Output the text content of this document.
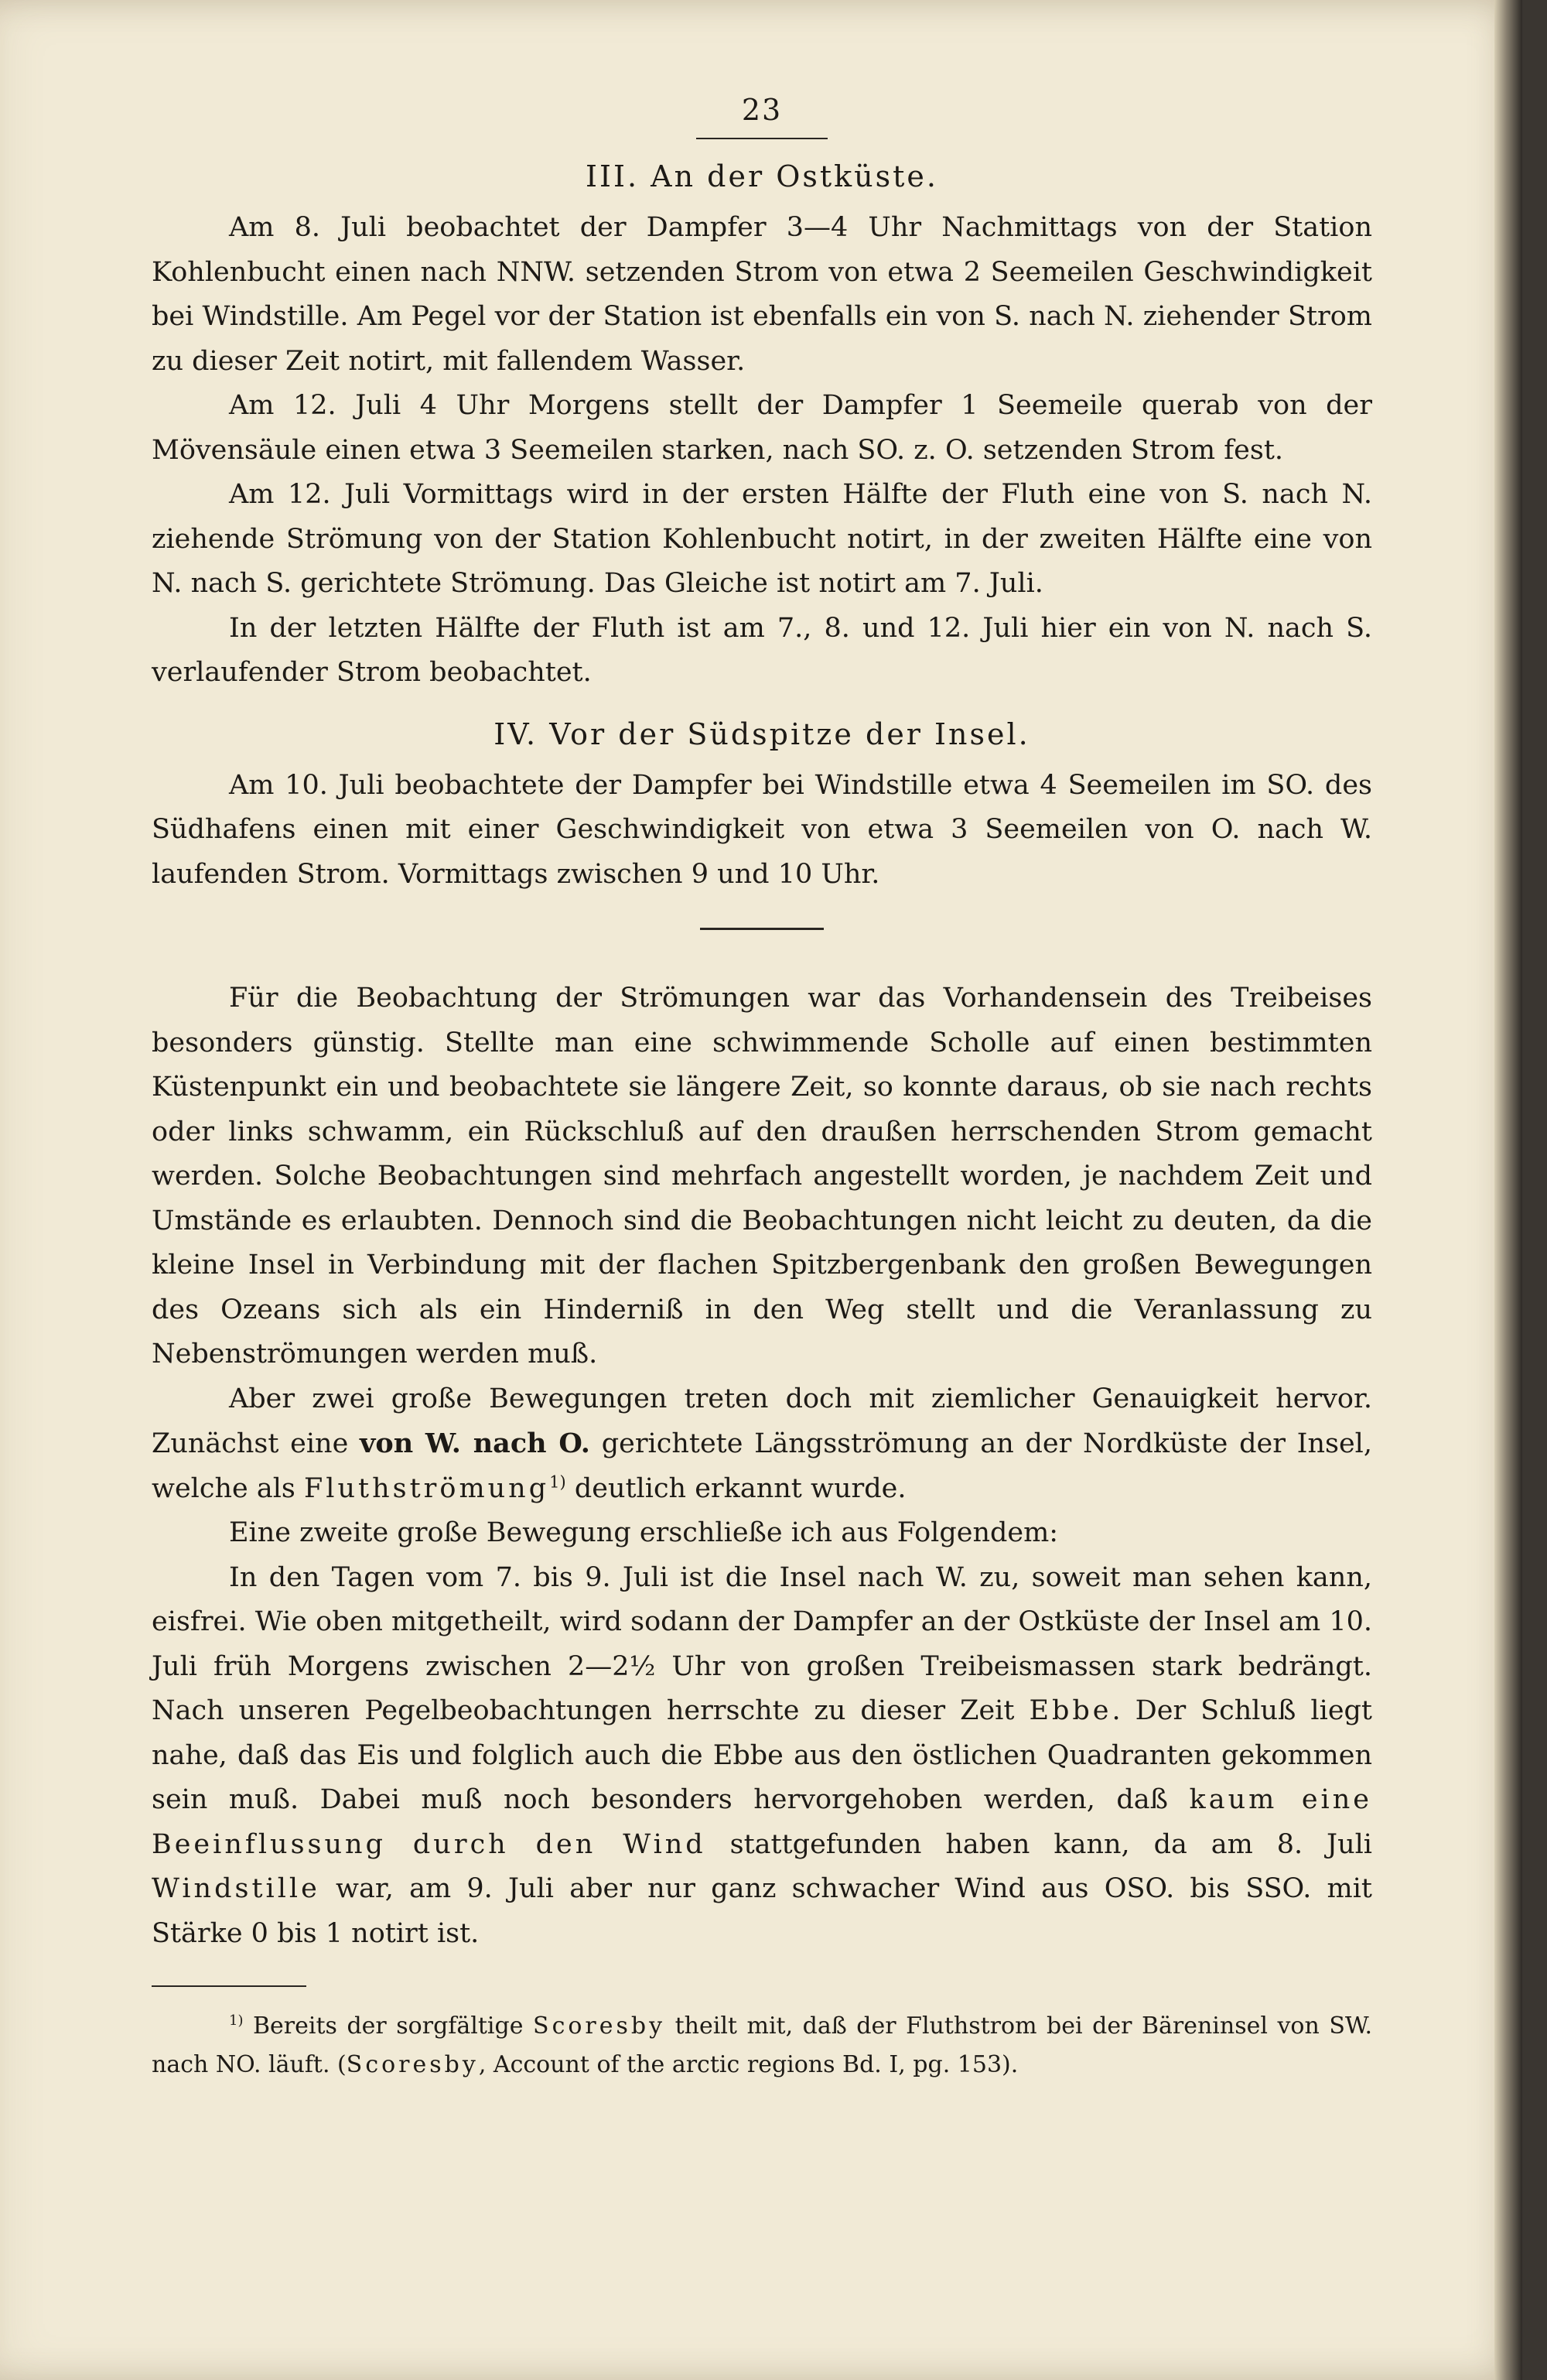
23
III. An der Ostküste.

Am 8. Juli beobachtet der Dampfer 3—4 Uhr Nachmittags von der Station Kohlenbucht einen nach NNW. setzenden Strom von etwa 2 Seemeilen Geschwindigkeit bei Windstille. Am Pegel vor der Station ist ebenfalls ein von S. nach N. ziehender Strom zu dieser Zeit notirt, mit fallendem Wasser.

Am 12. Juli 4 Uhr Morgens stellt der Dampfer 1 Seemeile querab von der Mövensäule einen etwa 3 Seemeilen starken, nach SO. z. O. setzenden Strom fest.

Am 12. Juli Vormittags wird in der ersten Hälfte der Fluth eine von S. nach N. ziehende Strömung von der Station Kohlenbucht notirt, in der zweiten Hälfte eine von N. nach S. gerichtete Strömung. Das Gleiche ist notirt am 7. Juli.

In der letzten Hälfte der Fluth ist am 7., 8. und 12. Juli hier ein von N. nach S. verlaufender Strom beobachtet.

IV. Vor der Südspitze der Insel.

Am 10. Juli beobachtete der Dampfer bei Windstille etwa 4 Seemeilen im SO. des Südhafens einen mit einer Geschwindigkeit von etwa 3 Seemeilen von O. nach W. laufenden Strom. Vormittags zwischen 9 und 10 Uhr.

Für die Beobachtung der Strömungen war das Vorhandensein des Treibeises besonders günstig. Stellte man eine schwimmende Scholle auf einen bestimmten Küstenpunkt ein und beobachtete sie längere Zeit, so konnte daraus, ob sie nach rechts oder links schwamm, ein Rückschluß auf den draußen herrschenden Strom gemacht werden. Solche Beobachtungen sind mehrfach angestellt worden, je nachdem Zeit und Umstände es erlaubten. Dennoch sind die Beobachtungen nicht leicht zu deuten, da die kleine Insel in Verbindung mit der flachen Spitzbergenbank den großen Bewegungen des Ozeans sich als ein Hinderniß in den Weg stellt und die Veranlassung zu Nebenströmungen werden muß.

Aber zwei große Bewegungen treten doch mit ziemlicher Genauigkeit hervor. Zunächst eine von W. nach O. gerichtete Längsströmung an der Nordküste der Insel, welche als Fluthströmung$^{1)}$ deutlich erkannt wurde.

Eine zweite große Bewegung erschließe ich aus Folgendem:

In den Tagen vom 7. bis 9. Juli ist die Insel nach W. zu, soweit man sehen kann, eisfrei. Wie oben mitgetheilt, wird sodann der Dampfer an der Ostküste der Insel am 10. Juli früh Morgens zwischen 2—2½ Uhr von großen Treibeismassen stark bedrängt. Nach unseren Pegelbeobachtungen herrschte zu dieser Zeit Ebbe. Der Schluß liegt nahe, daß das Eis und folglich auch die Ebbe aus den östlichen Quadranten gekommen sein muß. Dabei muß noch besonders hervorgehoben werden, daß kaum eine Beeinflussung durch den Wind stattgefunden haben kann, da am 8. Juli Windstille war, am 9. Juli aber nur ganz schwacher Wind aus OSO. bis SSO. mit Stärke 0 bis 1 notirt ist.

$^{1)}$ Bereits der sorgfältige Scoresby theilt mit, daß der Fluthstrom bei der Bäreninsel von SW. nach NO. läuft. (Scoresby, Account of the arctic regions Bd. I, pg. 153).
